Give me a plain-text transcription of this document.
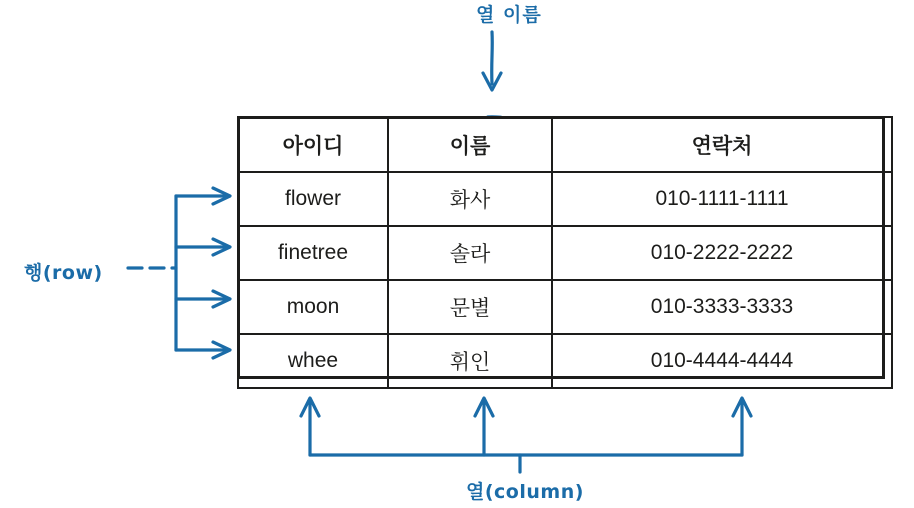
열 이름
행(row)
열(column)
아이디	이름	연락처
flower	화사	010-1111-1111
finetree	솔라	010-2222-2222
moon	문별	010-3333-3333
whee	휘인	010-4444-4444
